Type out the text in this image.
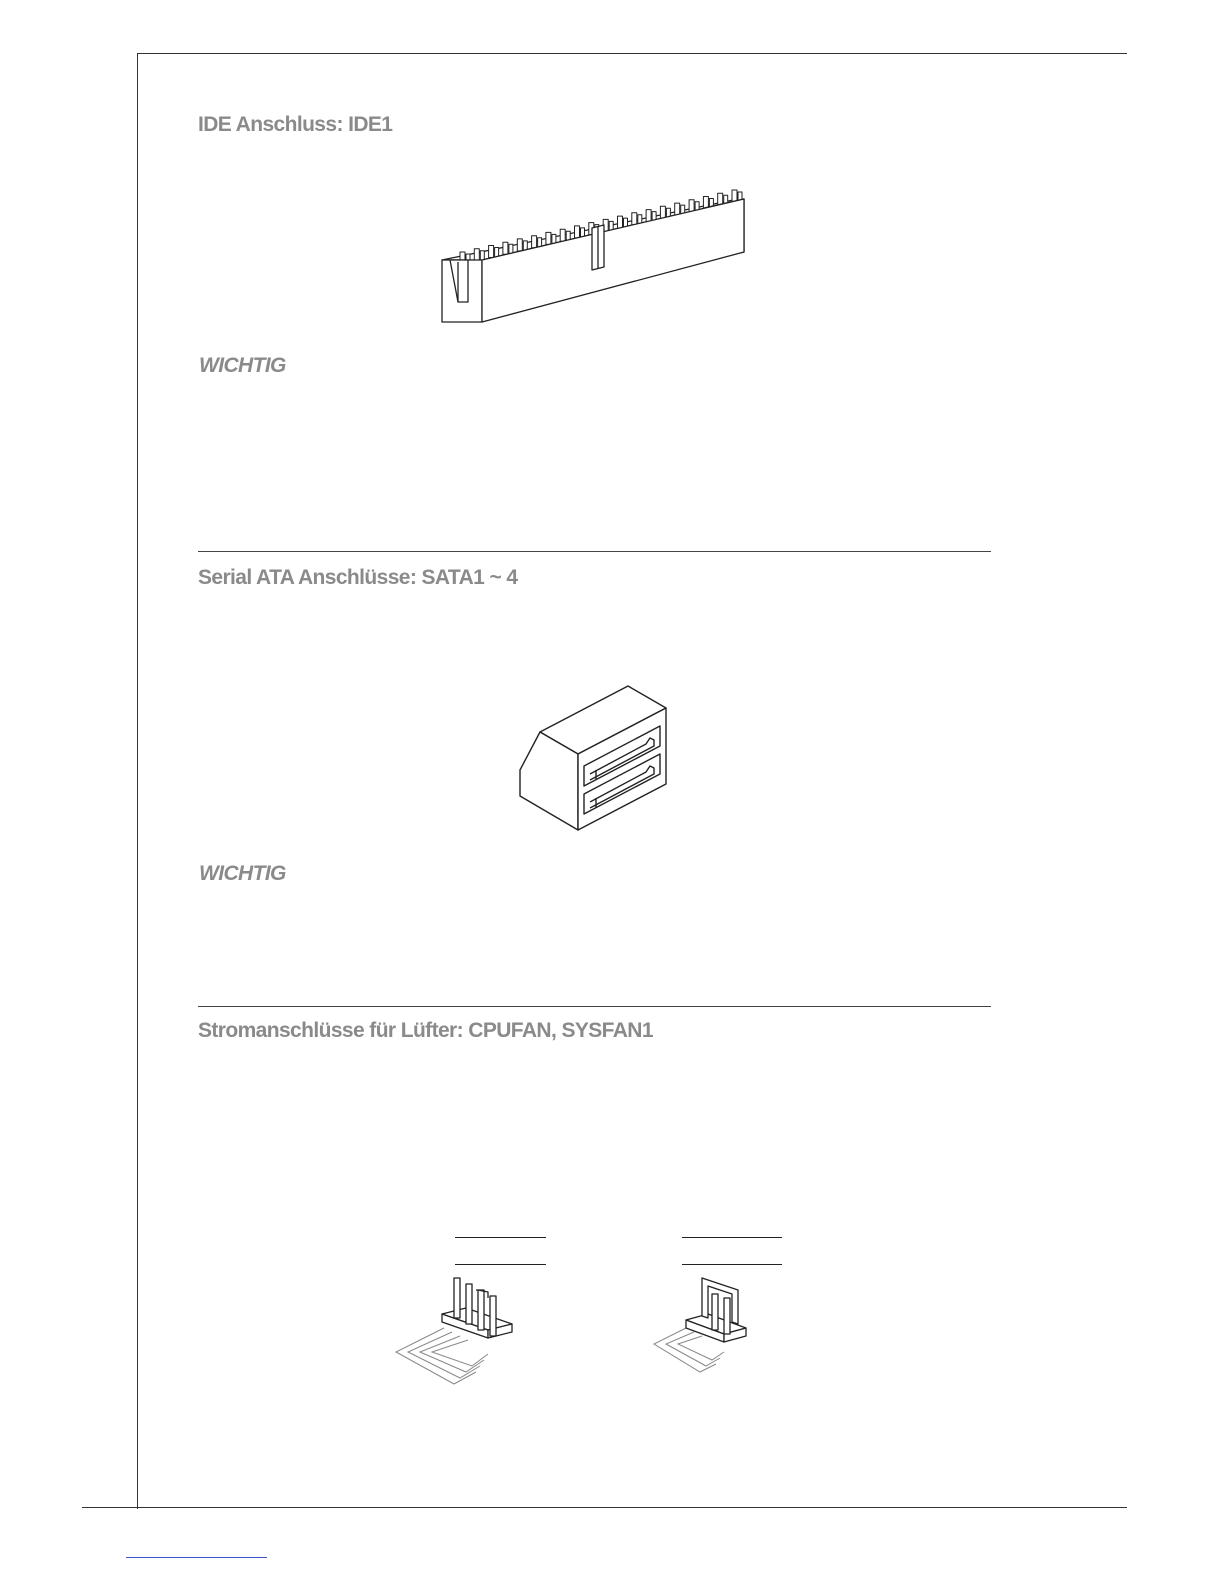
IDE Anschluss: IDE1
WICHTIG
Serial ATA Anschlüsse: SATA1 ~ 4
WICHTIG
Stromanschlüsse für Lüfter: CPUFAN, SYSFAN1
